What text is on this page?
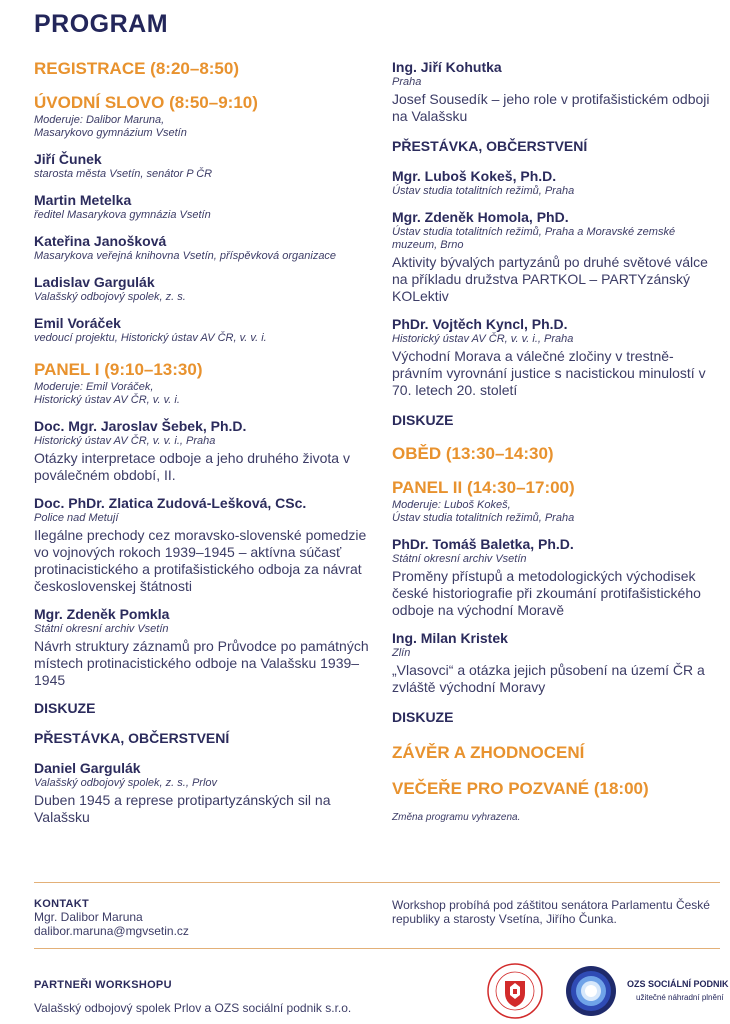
PROGRAM
REGISTRACE (8:20–8:50)
ÚVODNÍ SLOVO (8:50–9:10)
Moderuje: Dalibor Maruna,
Masarykovo gymnázium Vsetín
Jiří Čunek
starosta města Vsetín, senátor P ČR
Martin Metelka
ředitel Masarykova gymnázia Vsetín
Kateřina Janošková
Masarykova veřejná knihovna Vsetín, příspěvková organizace
Ladislav Gargulák
Valašský odbojový spolek, z. s.
Emil Voráček
vedoucí projektu, Historický ústav AV ČR, v. v. i.
PANEL I (9:10–13:30)
Moderuje: Emil Voráček,
Historický ústav AV ČR, v. v. i.
Doc. Mgr. Jaroslav Šebek, Ph.D.
Historický ústav AV ČR, v. v. i., Praha
Otázky interpretace odboje a jeho druhého života v poválečném období, II.
Doc. PhDr. Zlatica Zudová-Lešková, CSc.
Police nad Metují
Ilegálne prechody cez moravsko-slovenské pomedzie vo vojnových rokoch 1939–1945 – aktívna súčasť protinacistického a protifašistického odboja za návrat československej štátnosti
Mgr. Zdeněk Pomkla
Státní okresní archiv Vsetín
Návrh struktury záznamů pro Průvodce po památných místech protinacistického odboje na Valašsku 1939–1945
DISKUZE
PŘESTÁVKA, OBČERSTVENÍ
Daniel Gargulák
Valašský odbojový spolek, z. s., Prlov
Duben 1945 a represe protipartyzánských sil na Valašsku
Ing. Jiří Kohutka
Praha
Josef Sousedík – jeho role v protifašistickém odboji na Valašsku
PŘESTÁVKA, OBČERSTVENÍ
Mgr. Luboš Kokeš, Ph.D.
Ústav studia totalitních režimů, Praha
Mgr. Zdeněk Homola, PhD.
Ústav studia totalitních režimů, Praha a Moravské zemské muzeum, Brno
Aktivity bývalých partyzánů po druhé světové válce na příkladu družstva PARTKOL – PARTYzánský KOLektiv
PhDr. Vojtěch Kyncl, Ph.D.
Historický ústav AV ČR, v. v. i., Praha
Východní Morava a válečné zločiny v trestně-právním vyrovnání justice s nacistickou minulostí v 70. letech 20. století
DISKUZE
OBĚD (13:30–14:30)
PANEL II (14:30–17:00)
Moderuje: Luboš Kokeš,
Ústav studia totalitních režimů, Praha
PhDr. Tomáš Baletka, Ph.D.
Státní okresní archiv Vsetín
Proměny přístupů a metodologických východisek české historiografie při zkoumání protifašistického odboje na východní Moravě
Ing. Milan Kristek
Zlín
„Vlasovci“ a otázka jejich působení na území ČR a zvláště východní Moravy
DISKUZE
ZÁVĚR A ZHODNOCENÍ
VEČEŘE PRO POZVANÉ (18:00)
Změna programu vyhrazena.
KONTAKT
Mgr. Dalibor Maruna
dalibor.maruna@mgvsetin.cz
Workshop probíhá pod záštitou senátora Parlamentu České republiky a starosty Vsetína, Jiřího Čunka.
PARTNEŘI WORKSHOPU
Valašský odbojový spolek Prlov a OZS sociální podnik s.r.o.
OZS SOCIÁLNÍ PODNIK
užitečné náhradní plnění
